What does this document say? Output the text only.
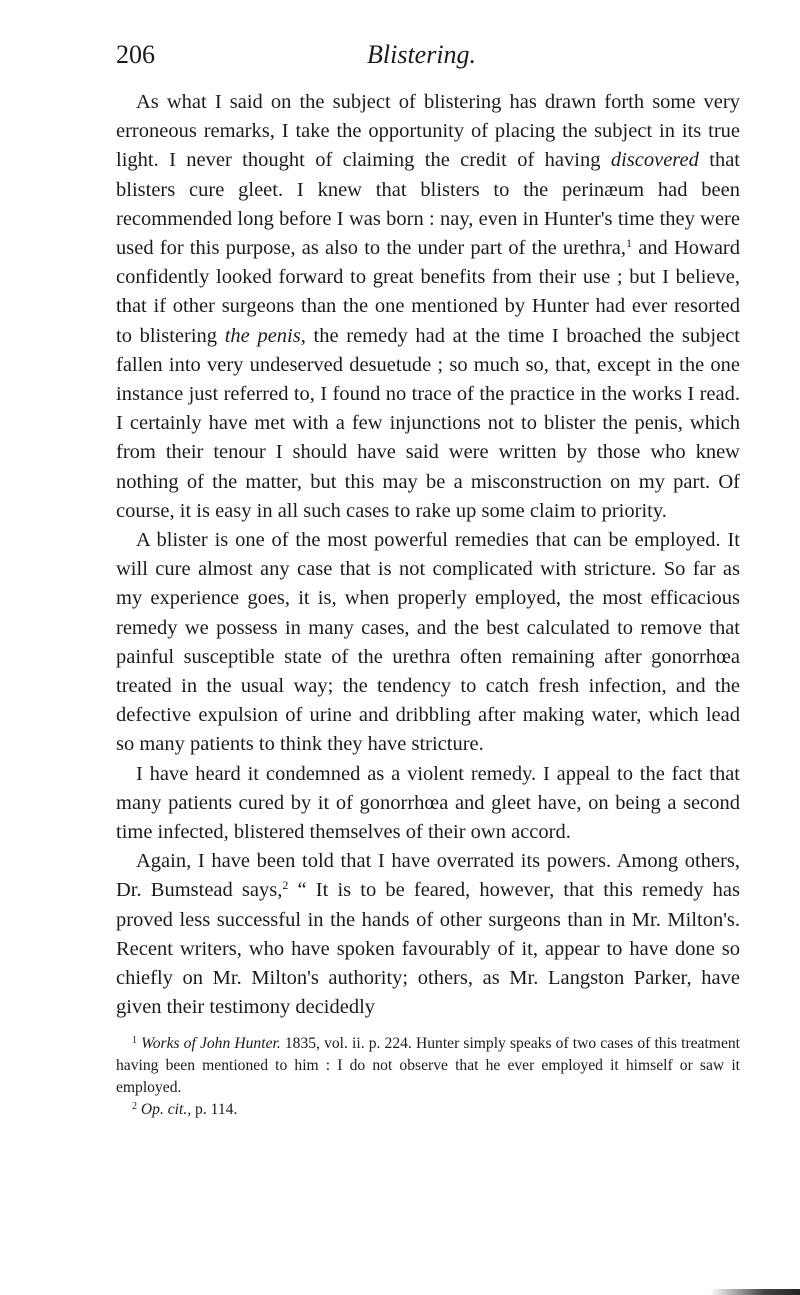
206	Blistering.

As what I said on the subject of blistering has drawn forth some very erroneous remarks, I take the opportunity of placing the subject in its true light. I never thought of claiming the credit of having discovered that blisters cure gleet. I knew that blisters to the perinæum had been recommended long before I was born : nay, even in Hunter's time they were used for this purpose, as also to the under part of the urethra,$^1$ and Howard confidently looked forward to great benefits from their use ; but I believe, that if other surgeons than the one mentioned by Hunter had ever resorted to blistering the penis, the remedy had at the time I broached the subject fallen into very undeserved desuetude ; so much so, that, except in the one instance just referred to, I found no trace of the practice in the works I read. I certainly have met with a few injunctions not to blister the penis, which from their tenour I should have said were written by those who knew nothing of the matter, but this may be a misconstruction on my part. Of course, it is easy in all such cases to rake up some claim to priority.

A blister is one of the most powerful remedies that can be employed. It will cure almost any case that is not complicated with stricture. So far as my experience goes, it is, when properly employed, the most efficacious remedy we possess in many cases, and the best calculated to remove that painful susceptible state of the urethra often remaining after gonorrhœa treated in the usual way; the tendency to catch fresh infection, and the defective expulsion of urine and dribbling after making water, which lead so many patients to think they have stricture.

I have heard it condemned as a violent remedy. I appeal to the fact that many patients cured by it of gonorrhœa and gleet have, on being a second time infected, blistered themselves of their own accord.

Again, I have been told that I have overrated its powers. Among others, Dr. Bumstead says,$^2$ “ It is to be feared, however, that this remedy has proved less successful in the hands of other surgeons than in Mr. Milton's. Recent writers, who have spoken favourably of it, appear to have done so chiefly on Mr. Milton's authority; others, as Mr. Langston Parker, have given their testimony decidedly

$^1$ Works of John Hunter. 1835, vol. ii. p. 224. Hunter simply speaks of two cases of this treatment having been mentioned to him : I do not observe that he ever employed it himself or saw it employed.

$^2$ Op. cit., p. 114.
